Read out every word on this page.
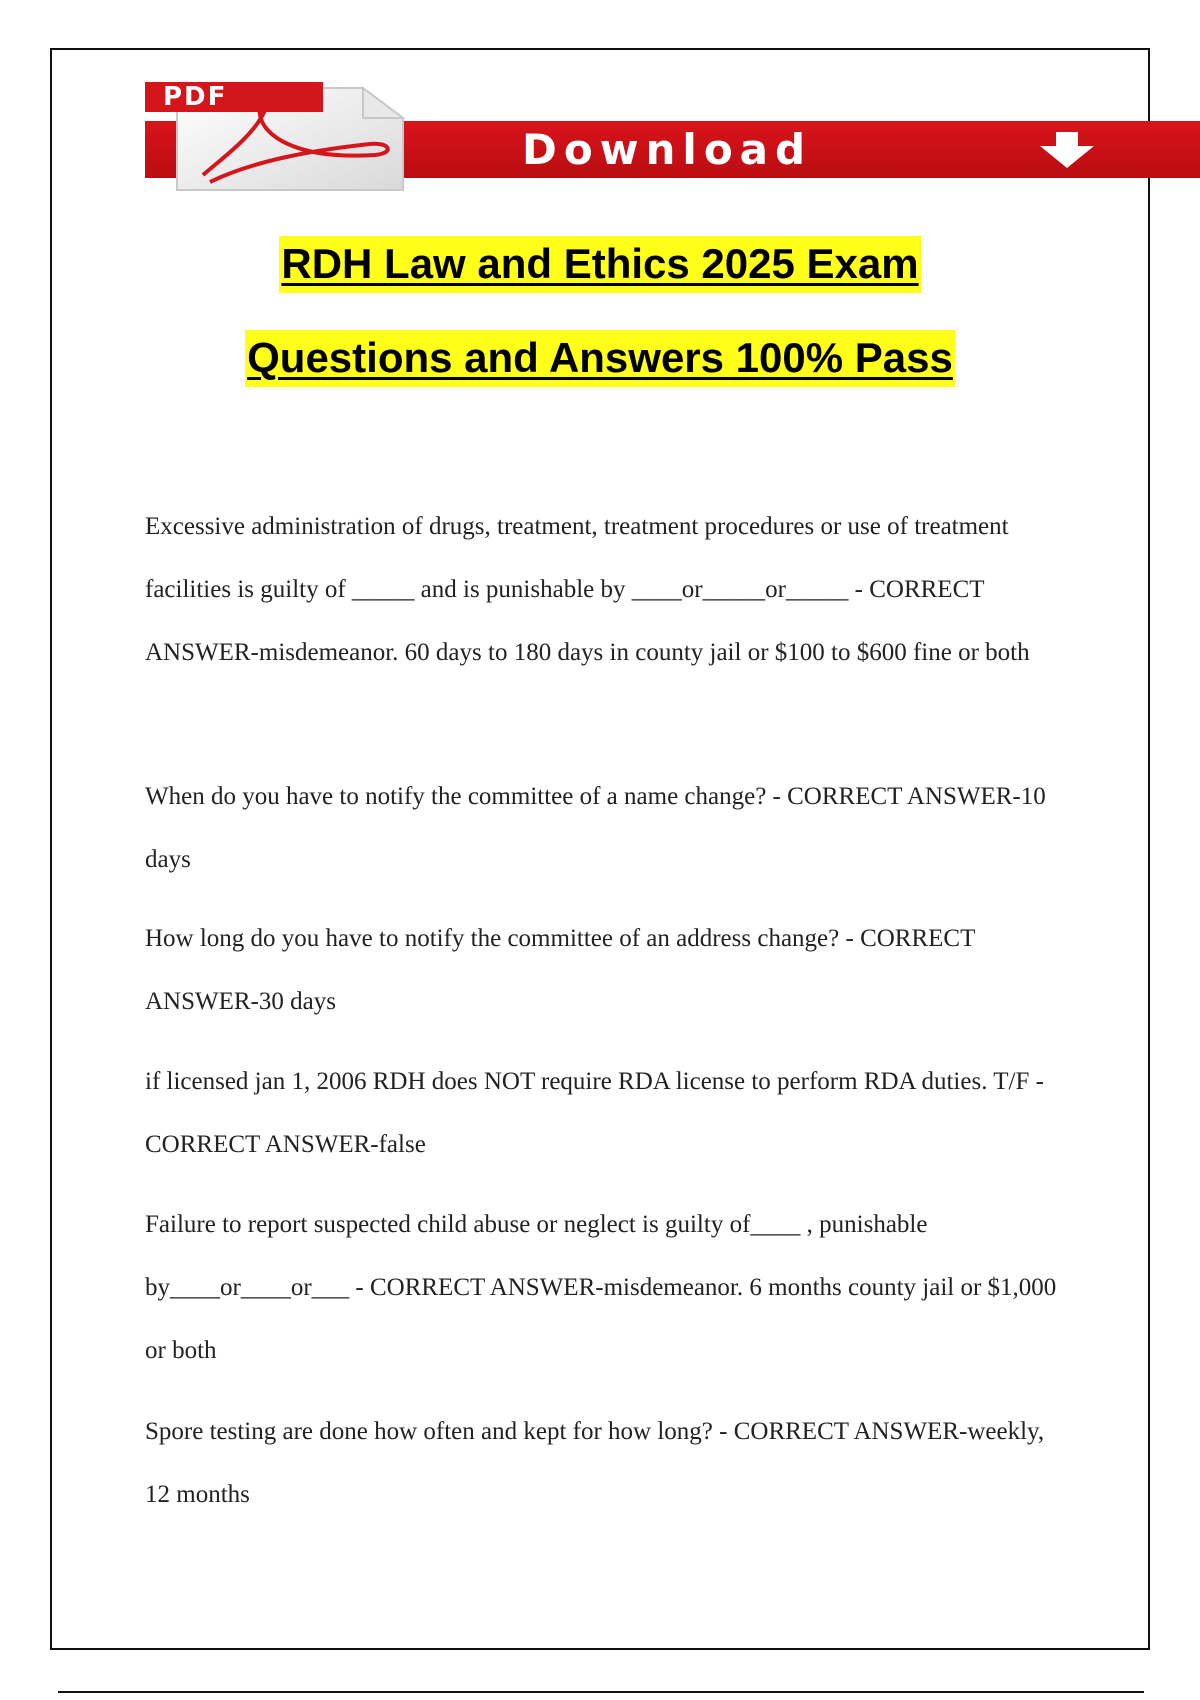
Download
PDF
RDH Law and Ethics 2025 Exam
Questions and Answers 100% Pass
Excessive administration of drugs, treatment, treatment procedures or use of treatment facilities is guilty of _____ and is punishable by ____or_____or_____ - CORRECT ANSWER-misdemeanor. 60 days to 180 days in county jail or $100 to $600 fine or both
When do you have to notify the committee of a name change? - CORRECT ANSWER-10 days
How long do you have to notify the committee of an address change? - CORRECT ANSWER-30 days
if licensed jan 1, 2006 RDH does NOT require RDA license to perform RDA duties. T/F - CORRECT ANSWER-false
Failure to report suspected child abuse or neglect is guilty of____ , punishable by____or____or___ - CORRECT ANSWER-misdemeanor. 6 months county jail or $1,000 or both
Spore testing are done how often and kept for how long? - CORRECT ANSWER-weekly, 12 months
